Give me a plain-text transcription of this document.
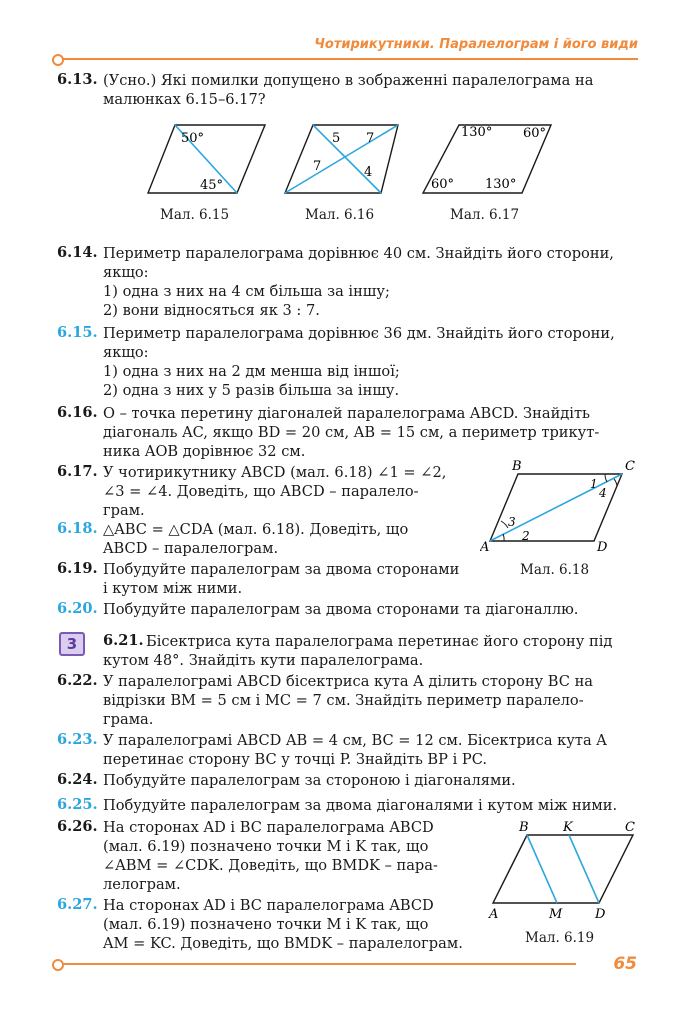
Чотирикутники. Паралелограм і його види
6.13. (Усно.) Які помилки допущено в зображенні паралелограма на
малюнках 6.15–6.17?
50°
45°
5 7
7	4
130° 60°
60° 130°
Мал. 6.15	Мал. 6.16	Мал. 6.17
6.14. Периметр паралелограма дорівнює 40 см. Знайдіть його сторони,
якщо:
1) одна з них на 4 см більша за іншу;
2) вони відносяться як 3 : 7.
6.15. Периметр паралелограма дорівнює 36 дм. Знайдіть його сторони,
якщо:
1) одна з них на 2 дм менша від іншої;
2) одна з них у 5 разів більша за іншу.
6.16. O – точка перетину діагоналей паралелограма ABCD. Знайдіть
діагональ AC, якщо BD = 20 см, AB = 15 см, а периметр трикут-
ника AOB дорівнює 32 см.
6.17. У чотирикутнику ABCD (мал. 6.18) ∠1 = ∠2,
∠3 = ∠4. Доведіть, що ABCD – паралело-
грам.
6.18. △ABC = △CDA (мал. 6.18). Доведіть, що
ABCD – паралелограм.
6.19. Побудуйте паралелограм за двома сторонами
і кутом між ними.
B	C
A	D
1
2
3
4
Мал. 6.18
6.20. Побудуйте паралелограм за двома сторонами та діагоналлю.
3	6.21. Бісектриса кута паралелограма перетинає його сторону під
кутом 48°. Знайдіть кути паралелограма.
6.22. У паралелограмі ABCD бісектриса кута A ділить сторону BC на
відрізки BM = 5 см і MC = 7 см. Знайдіть периметр паралело-
грама.
6.23. У паралелограмі ABCD AB = 4 см, BC = 12 см. Бісектриса кута A
перетинає сторону BC у точці P. Знайдіть BP і PC.
6.24. Побудуйте паралелограм за стороною і діагоналями.
6.25. Побудуйте паралелограм за двома діагоналями і кутом між ними.
6.26. На сторонах AD і BC паралелограма ABCD
(мал. 6.19) позначено точки M і K так, що
∠ABM = ∠CDK. Доведіть, що BMDK – пара-
лелограм.
6.27. На сторонах AD і BC паралелограма ABCD
(мал. 6.19) позначено точки M і K так, що
AM = KC. Доведіть, що BMDK – паралелограм.
B	K	C
A	M	D
Мал. 6.19
65
